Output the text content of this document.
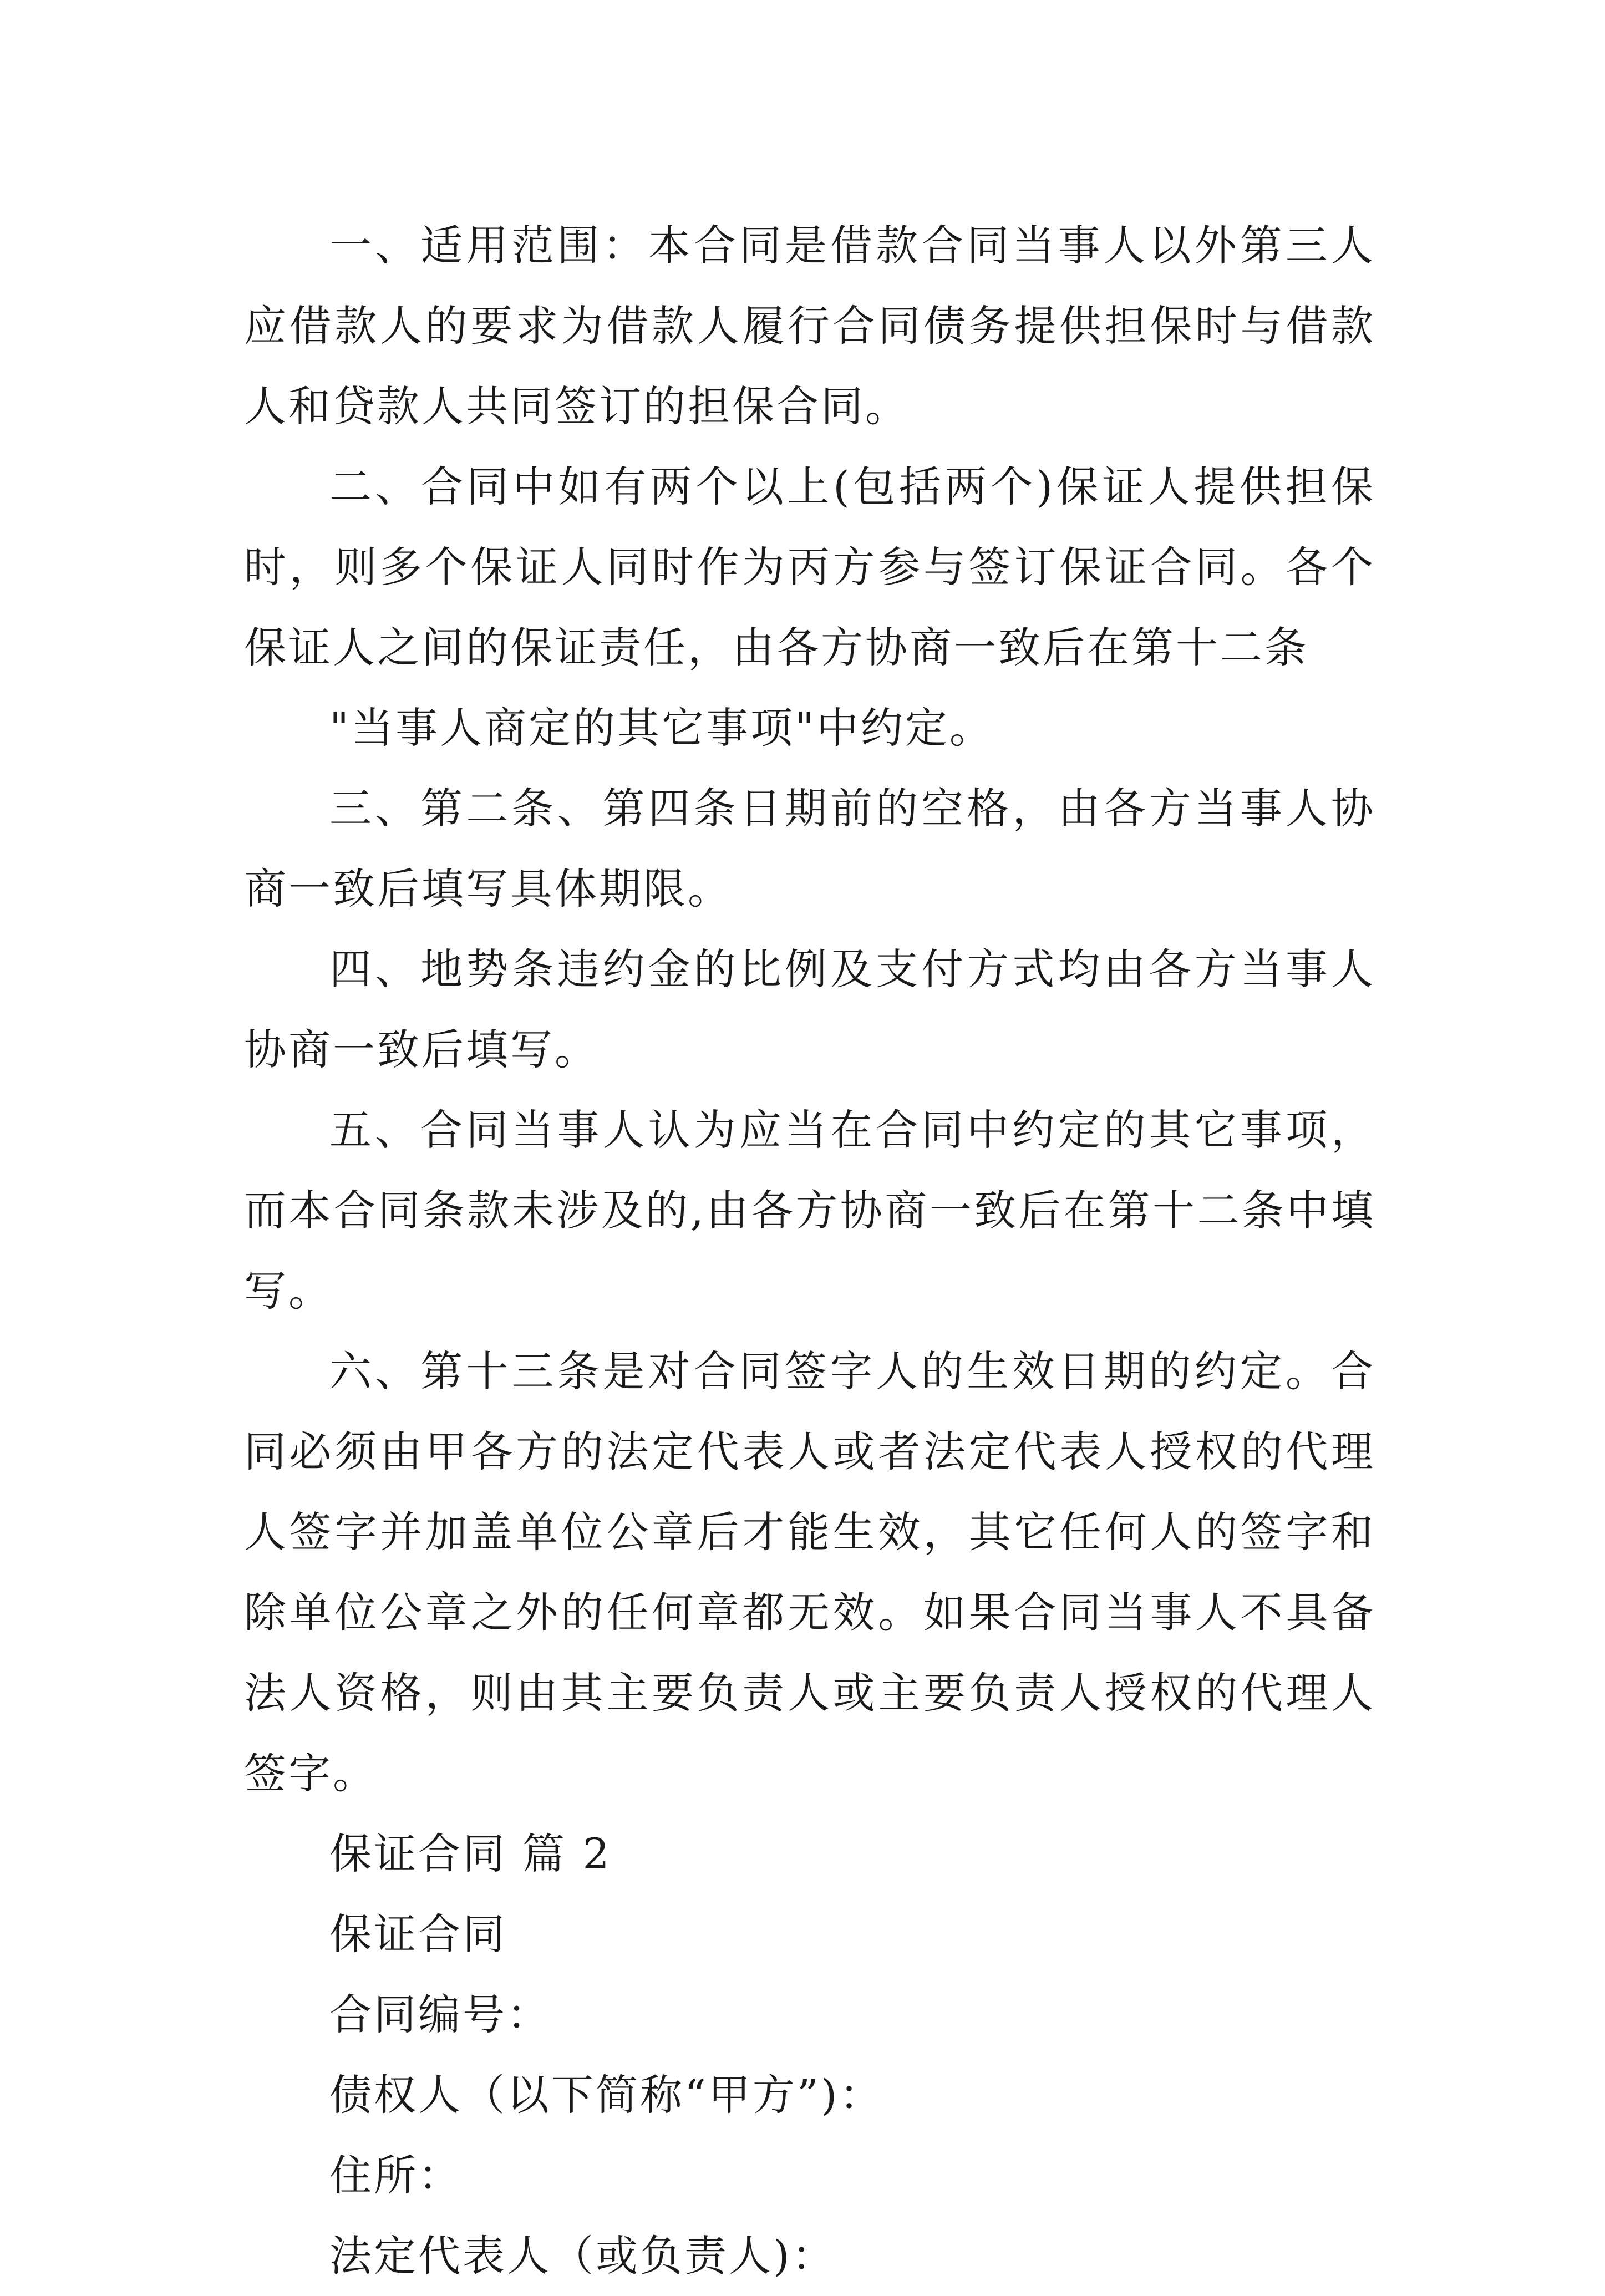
一、适用范围：本合同是借款合同当事人以外第三人应借款人的要求为借款人履行合同债务提供担保时与借款人和贷款人共同签订的担保合同。

二、合同中如有两个以上(包括两个)保证人提供担保时，则多个保证人同时作为丙方参与签订保证合同。各个保证人之间的保证责任，由各方协商一致后在第十二条

"当事人商定的其它事项"中约定。

三、第二条、第四条日期前的空格，由各方当事人协商一致后填写具体期限。

四、地势条违约金的比例及支付方式均由各方当事人协商一致后填写。

五、合同当事人认为应当在合同中约定的其它事项，而本合同条款未涉及的,由各方协商一致后在第十二条中填写。

六、第十三条是对合同签字人的生效日期的约定。合同必须由甲各方的法定代表人或者法定代表人授权的代理人签字并加盖单位公章后才能生效，其它任何人的签字和除单位公章之外的任何章都无效。如果合同当事人不具备法人资格，则由其主要负责人或主要负责人授权的代理人签字。

保证合同 篇 2

保证合同

合同编号：

债权人（以下简称“甲方”)：

住所：

法定代表人（或负责人)：
